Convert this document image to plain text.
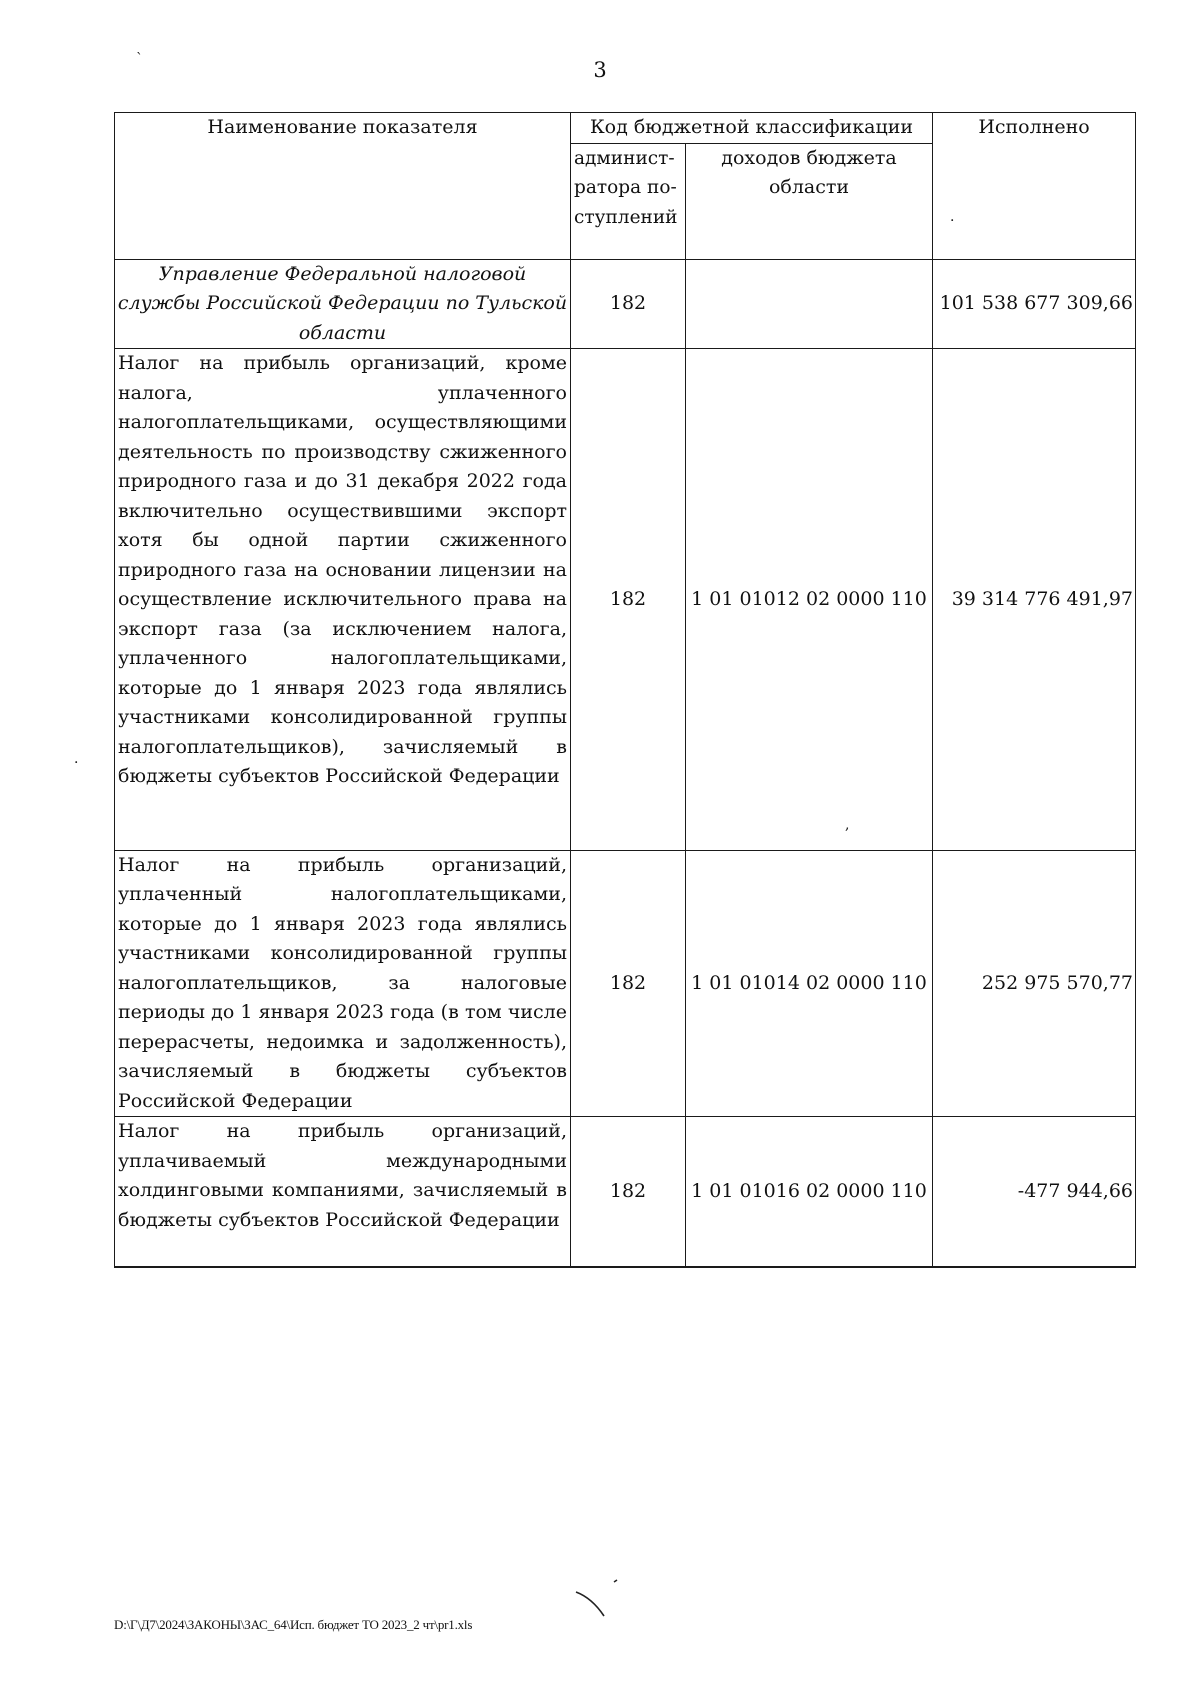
3
Наименование показателя	Код бюджетной классификации		Исполнено

	админист-ратора по-ступлений	доходов бюджета области	

Управление Федеральной налоговой службы Российской Федерации по Тульской области	182		101 538 677 309,66

Налог на прибыль организаций, кроме налога, уплаченного налогоплательщиками, осуществляющими деятельность по производству сжиженного природного газа и до 31 декабря 2022 года включительно осуществившими экспорт хотя бы одной партии сжиженного природного газа на основании лицензии на осуществление исключительного права на экспорт газа (за исключением налога, уплаченного налогоплательщиками, которые до 1 января 2023 года являлись участниками консолидированной группы налогоплательщиков), зачисляемый в бюджеты субъектов Российской Федерации	182	1 01 01012 02 0000 110	39 314 776 491,97
Налог на прибыль организаций, уплаченный налогоплательщиками, которые до 1 января 2023 года являлись участниками консолидированной группы налогоплательщиков, за налоговые периоды до 1 января 2023 года (в том числе перерасчеты, недоимка и задолженность), зачисляемый в бюджеты субъектов Российской Федерации	182	1 01 01014 02 0000 110	252 975 570,77

Налог на прибыль организаций, уплачиваемый международными холдинговыми компаниями, зачисляемый в бюджеты субъектов Российской Федерации	182	1 01 01016 02 0000 110	-477 944,66
`
·
·
,
D:\Г\Д7\2024\ЗАКОНЫ\ЗАС_64\Исп. бюджет ТО 2023_2 чт\pr1.xls
